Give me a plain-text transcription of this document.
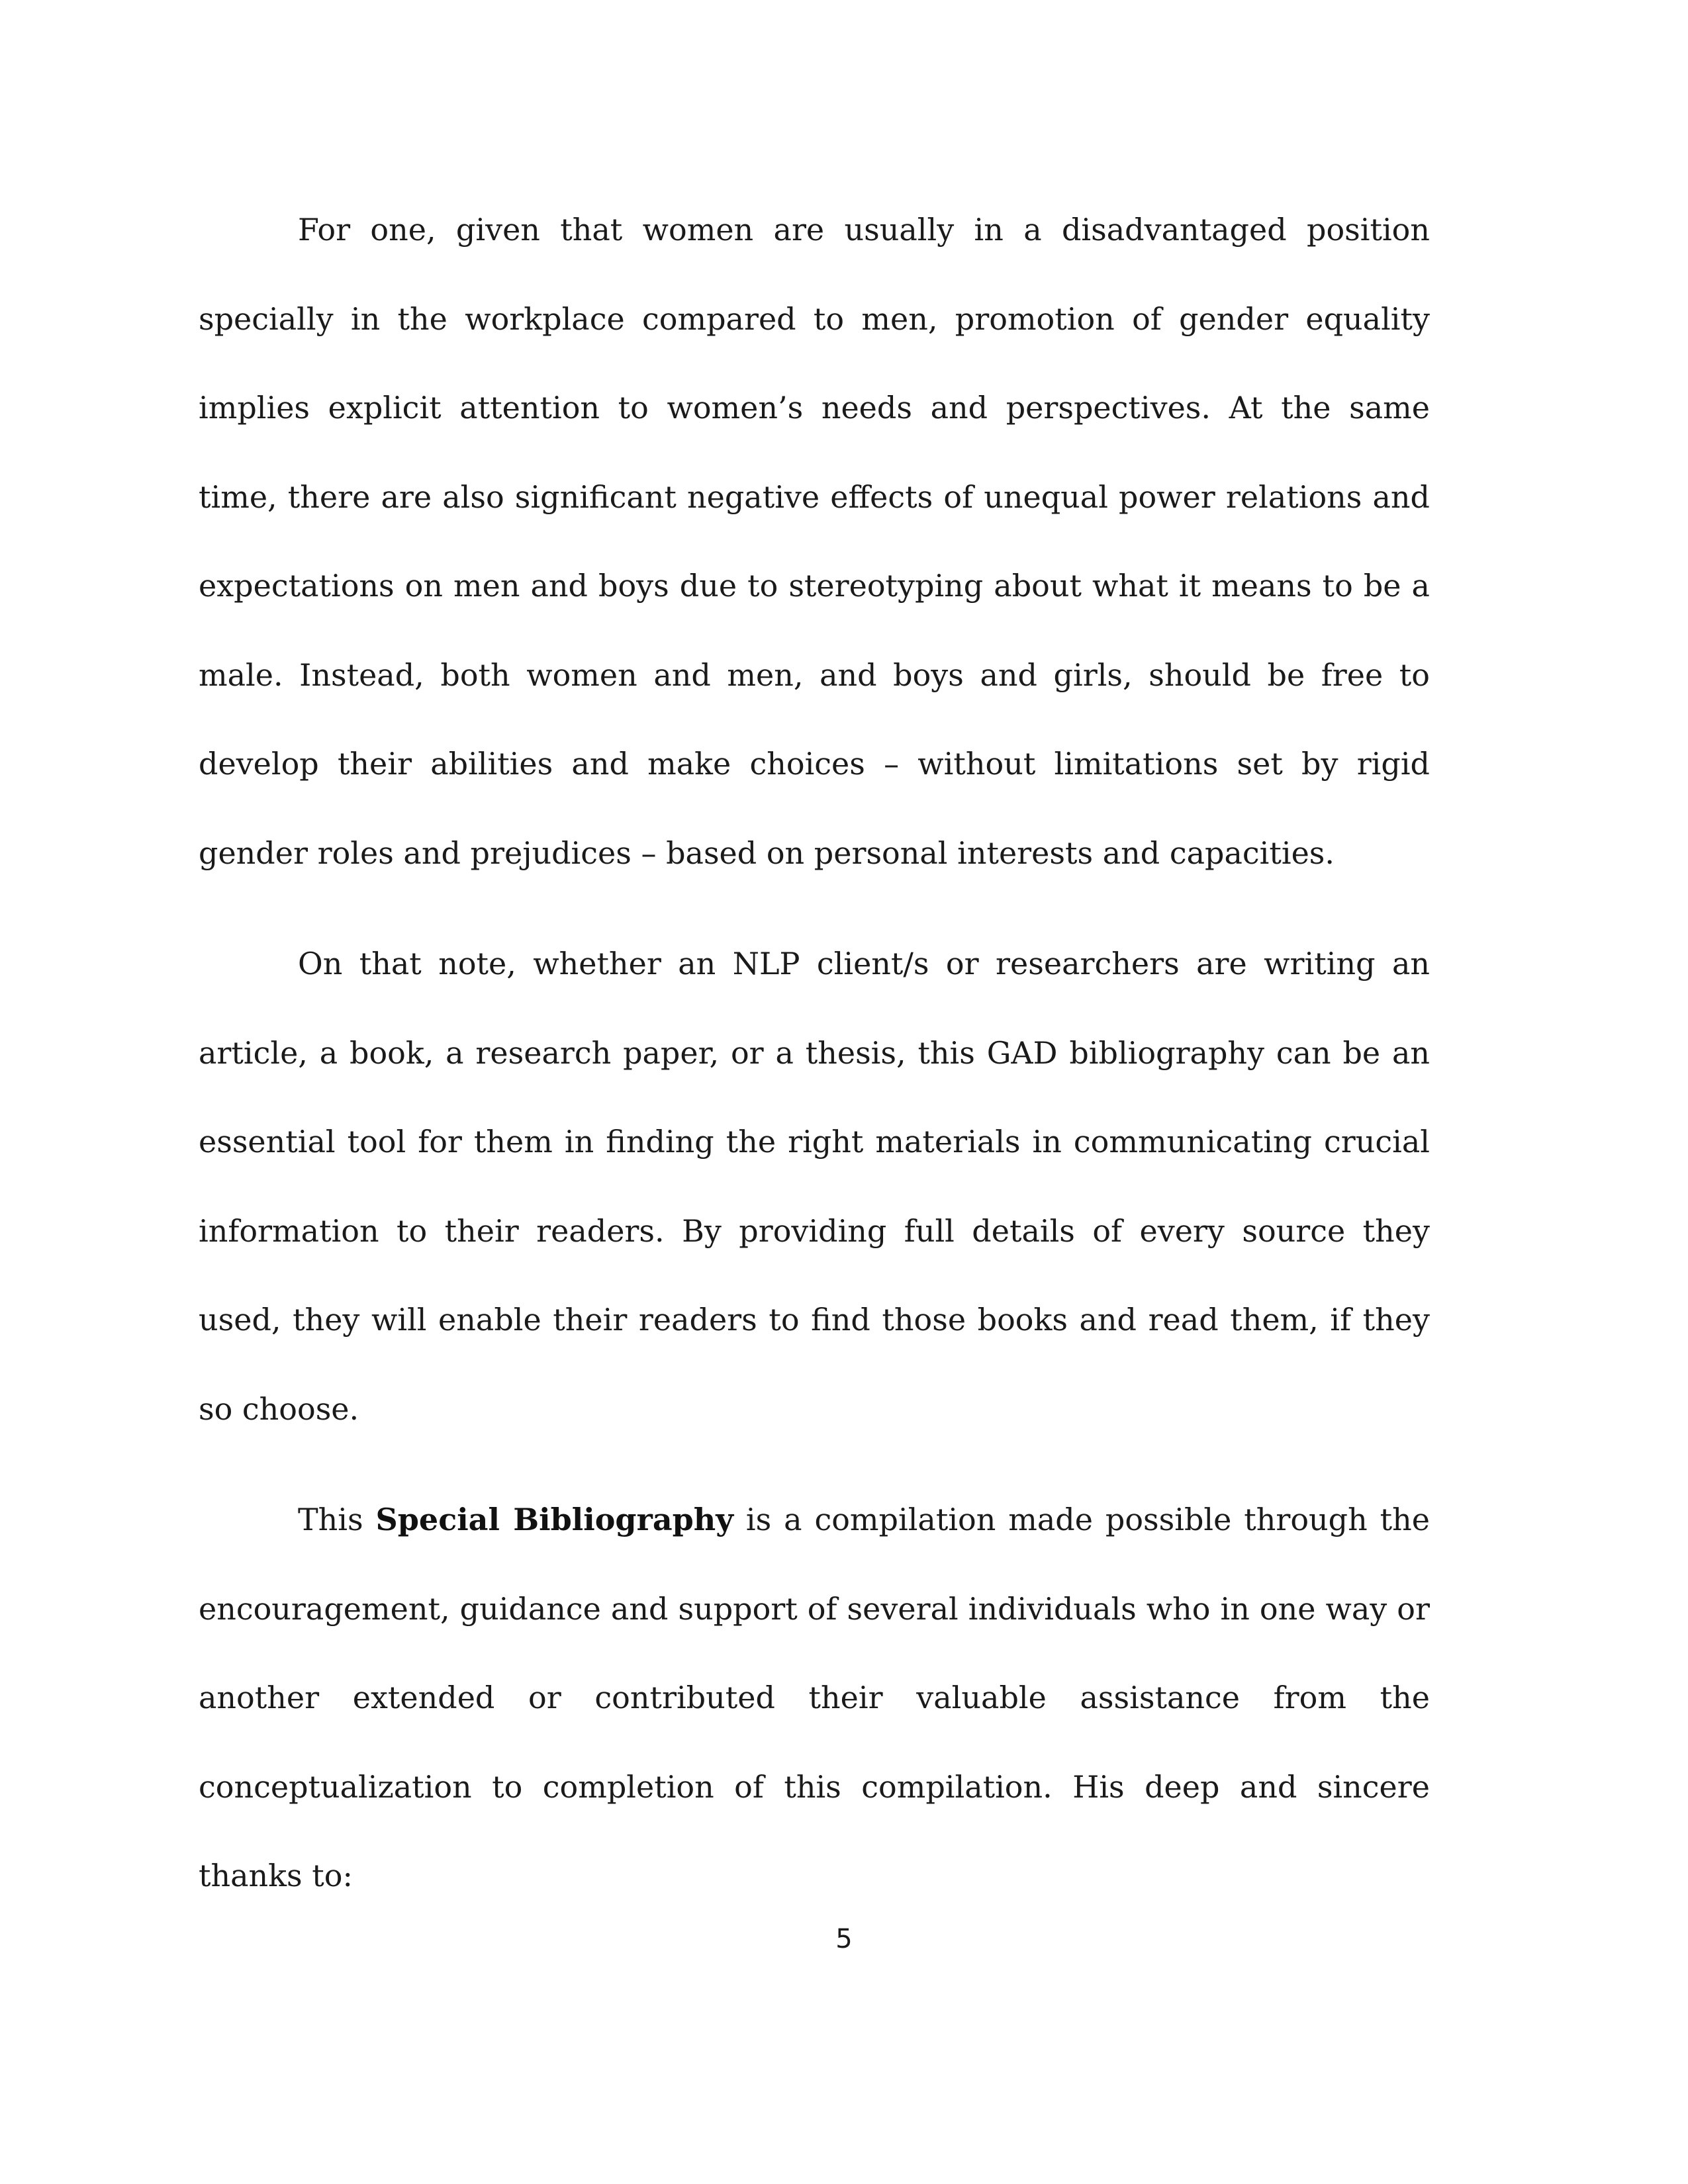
For one, given that women are usually in a disadvantaged position specially in the workplace compared to men, promotion of gender equality implies explicit attention to women’s needs and perspectives. At the same time, there are also significant negative effects of unequal power relations and expectations on men and boys due to stereotyping about what it means to be a male. Instead, both women and men, and boys and girls, should be free to develop their abilities and make choices – without limitations set by rigid gender roles and prejudices – based on personal interests and capacities.

On that note, whether an NLP client/s or researchers are writing an article, a book, a research paper, or a thesis, this GAD bibliography can be an essential tool for them in finding the right materials in communicating crucial information to their readers. By providing full details of every source they used, they will enable their readers to find those books and read them, if they so choose.

This Special Bibliography is a compilation made possible through the encouragement, guidance and support of several individuals who in one way or another extended or contributed their valuable assistance from the conceptualization to completion of this compilation. His deep and sincere thanks to:

5
